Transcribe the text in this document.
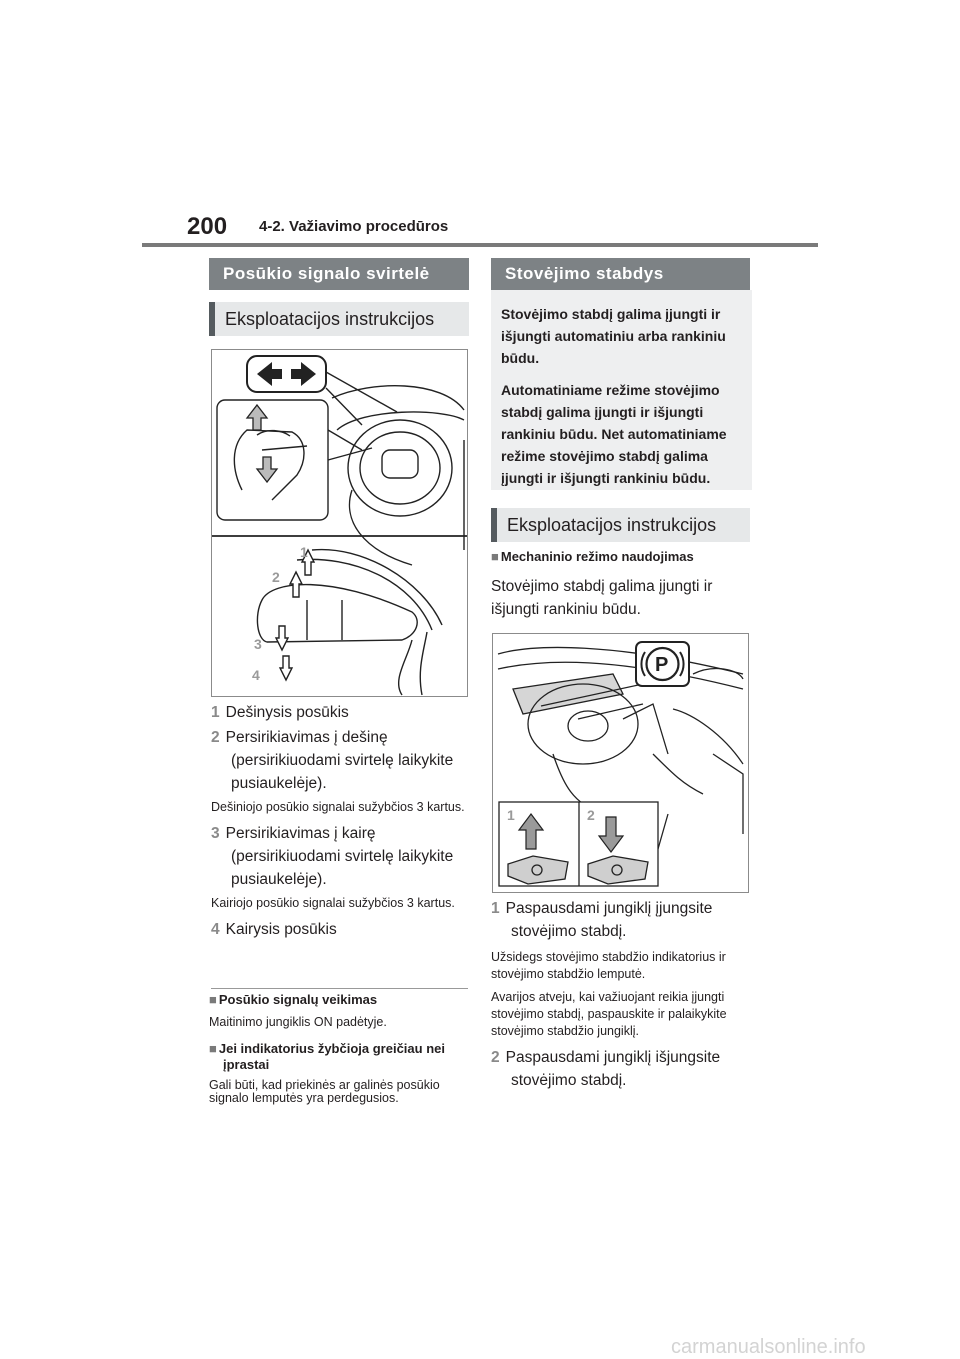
200 4-2. Važiavimo procedūros
Posūkio signalo svirtelė
Eksploatacijos instrukcijos
1
2
3
4
1 Dešinysis posūkis
2 Persirikiavimas į dešinę (persirikiuodami svirtelę laikykite pusiaukelėje).
Dešiniojo posūkio signalai sužybčios 3 kartus.
3 Persirikiavimas į kairę (persirikiuodami svirtelę laikykite pusiaukelėje).
Kairiojo posūkio signalai sužybčios 3 kartus.
4 Kairysis posūkis
■ Posūkio signalų veikimas
Maitinimo jungiklis ON padėtyje.
■ Jei indikatorius žybčioja greičiau nei įprastai
Gali būti, kad priekinės ar galinės posūkio signalo lemputės yra perdegusios.
Stovėjimo stabdys

Stovėjimo stabdį galima įjungti ir išjungti automatiniu arba rankiniu būdu.

Automatiniame režime stovėjimo stabdį galima įjungti ir išjungti rankiniu būdu. Net automatiniame režime stovėjimo stabdį galima įjungti ir išjungti rankiniu būdu.

Eksploatacijos instrukcijos
■ Mechaninio režimo naudojimas
Stovėjimo stabdį galima įjungti ir išjungti rankiniu būdu.
P
1	2
1 Paspausdami jungiklį įjungsite stovėjimo stabdį.
Užsidegs stovėjimo stabdžio indikatorius ir stovėjimo stabdžio lemputė.
Avarijos atveju, kai važiuojant reikia įjungti stovėjimo stabdį, paspauskite ir palaikykite stovėjimo stabdžio jungiklį.
2 Paspausdami jungiklį išjungsite stovėjimo stabdį.
carmanualsonline.info
